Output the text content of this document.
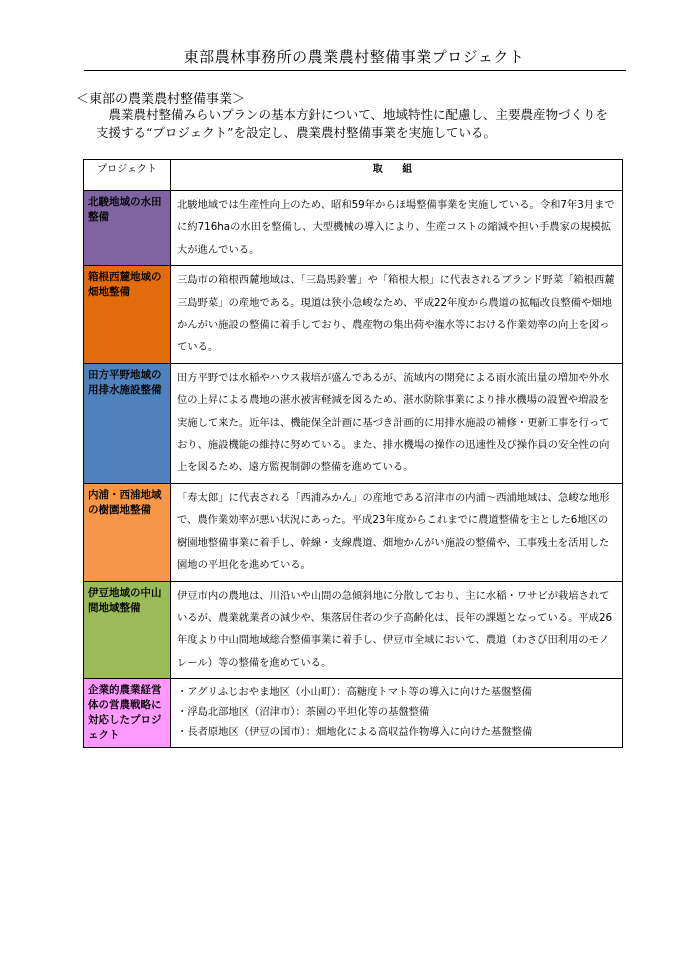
東部農林事務所の農業農村整備事業プロジェクト
＜東部の農業農村整備事業＞
農業農村整備みらいプランの基本方針について、地域特性に配慮し、主要農産物づくりを支援する“プロジェクト”を設定し、農業農村整備事業を実施している。
プロジェクト	取 組
北駿地域の水田整備	北駿地域では生産性向上のため、昭和59年からほ場整備事業を実施している。令和7年3月までに約716haの水田を整備し、大型機械の導入により、生産コストの縮減や担い手農家の規模拡大が進んでいる。
箱根西麓地域の畑地整備	三島市の箱根西麓地域は、「三島馬鈴薯」や「箱根大根」に代表されるブランド野菜「箱根西麓三島野菜」の産地である。現道は狭小急峻なため、平成22年度から農道の拡幅改良整備や畑地かんがい施設の整備に着手しており、農産物の集出荷や潅水等における作業効率の向上を図っている。
田方平野地域の用排水施設整備	田方平野では水稲やハウス栽培が盛んであるが、流域内の開発による雨水流出量の増加や外水位の上昇による農地の湛水被害軽減を図るため、湛水防除事業により排水機場の設置や増設を実施して来た。近年は、機能保全計画に基づき計画的に用排水施設の補修・更新工事を行っており、施設機能の維持に努めている。また、排水機場の操作の迅速性及び操作員の安全性の向上を図るため、遠方監視制御の整備を進めている。
内浦・西浦地域の樹園地整備	「寿太郎」に代表される「西浦みかん」の産地である沼津市の内浦〜西浦地域は、急峻な地形で、農作業効率が悪い状況にあった。平成23年度からこれまでに農道整備を主とした6地区の樹園地整備事業に着手し、幹線・支線農道、畑地かんがい施設の整備や、工事残土を活用した園地の平坦化を進めている。
伊豆地域の中山間地域整備	伊豆市内の農地は、川沿いや山間の急傾斜地に分散しており、主に水稲・ワサビが栽培されているが、農業就業者の減少や、集落居住者の少子高齢化は、長年の課題となっている。平成26年度より中山間地域総合整備事業に着手し、伊豆市全域において、農道（わさび田利用のモノレール）等の整備を進めている。
企業的農業経営体の営農戦略に対応したプロジェクト	・アグリふじおやま地区（小山町）：高糖度トマト等の導入に向けた基盤整備
・浮島北部地区（沼津市）：茶園の平坦化等の基盤整備
・長者原地区（伊豆の国市）：畑地化による高収益作物導入に向けた基盤整備
